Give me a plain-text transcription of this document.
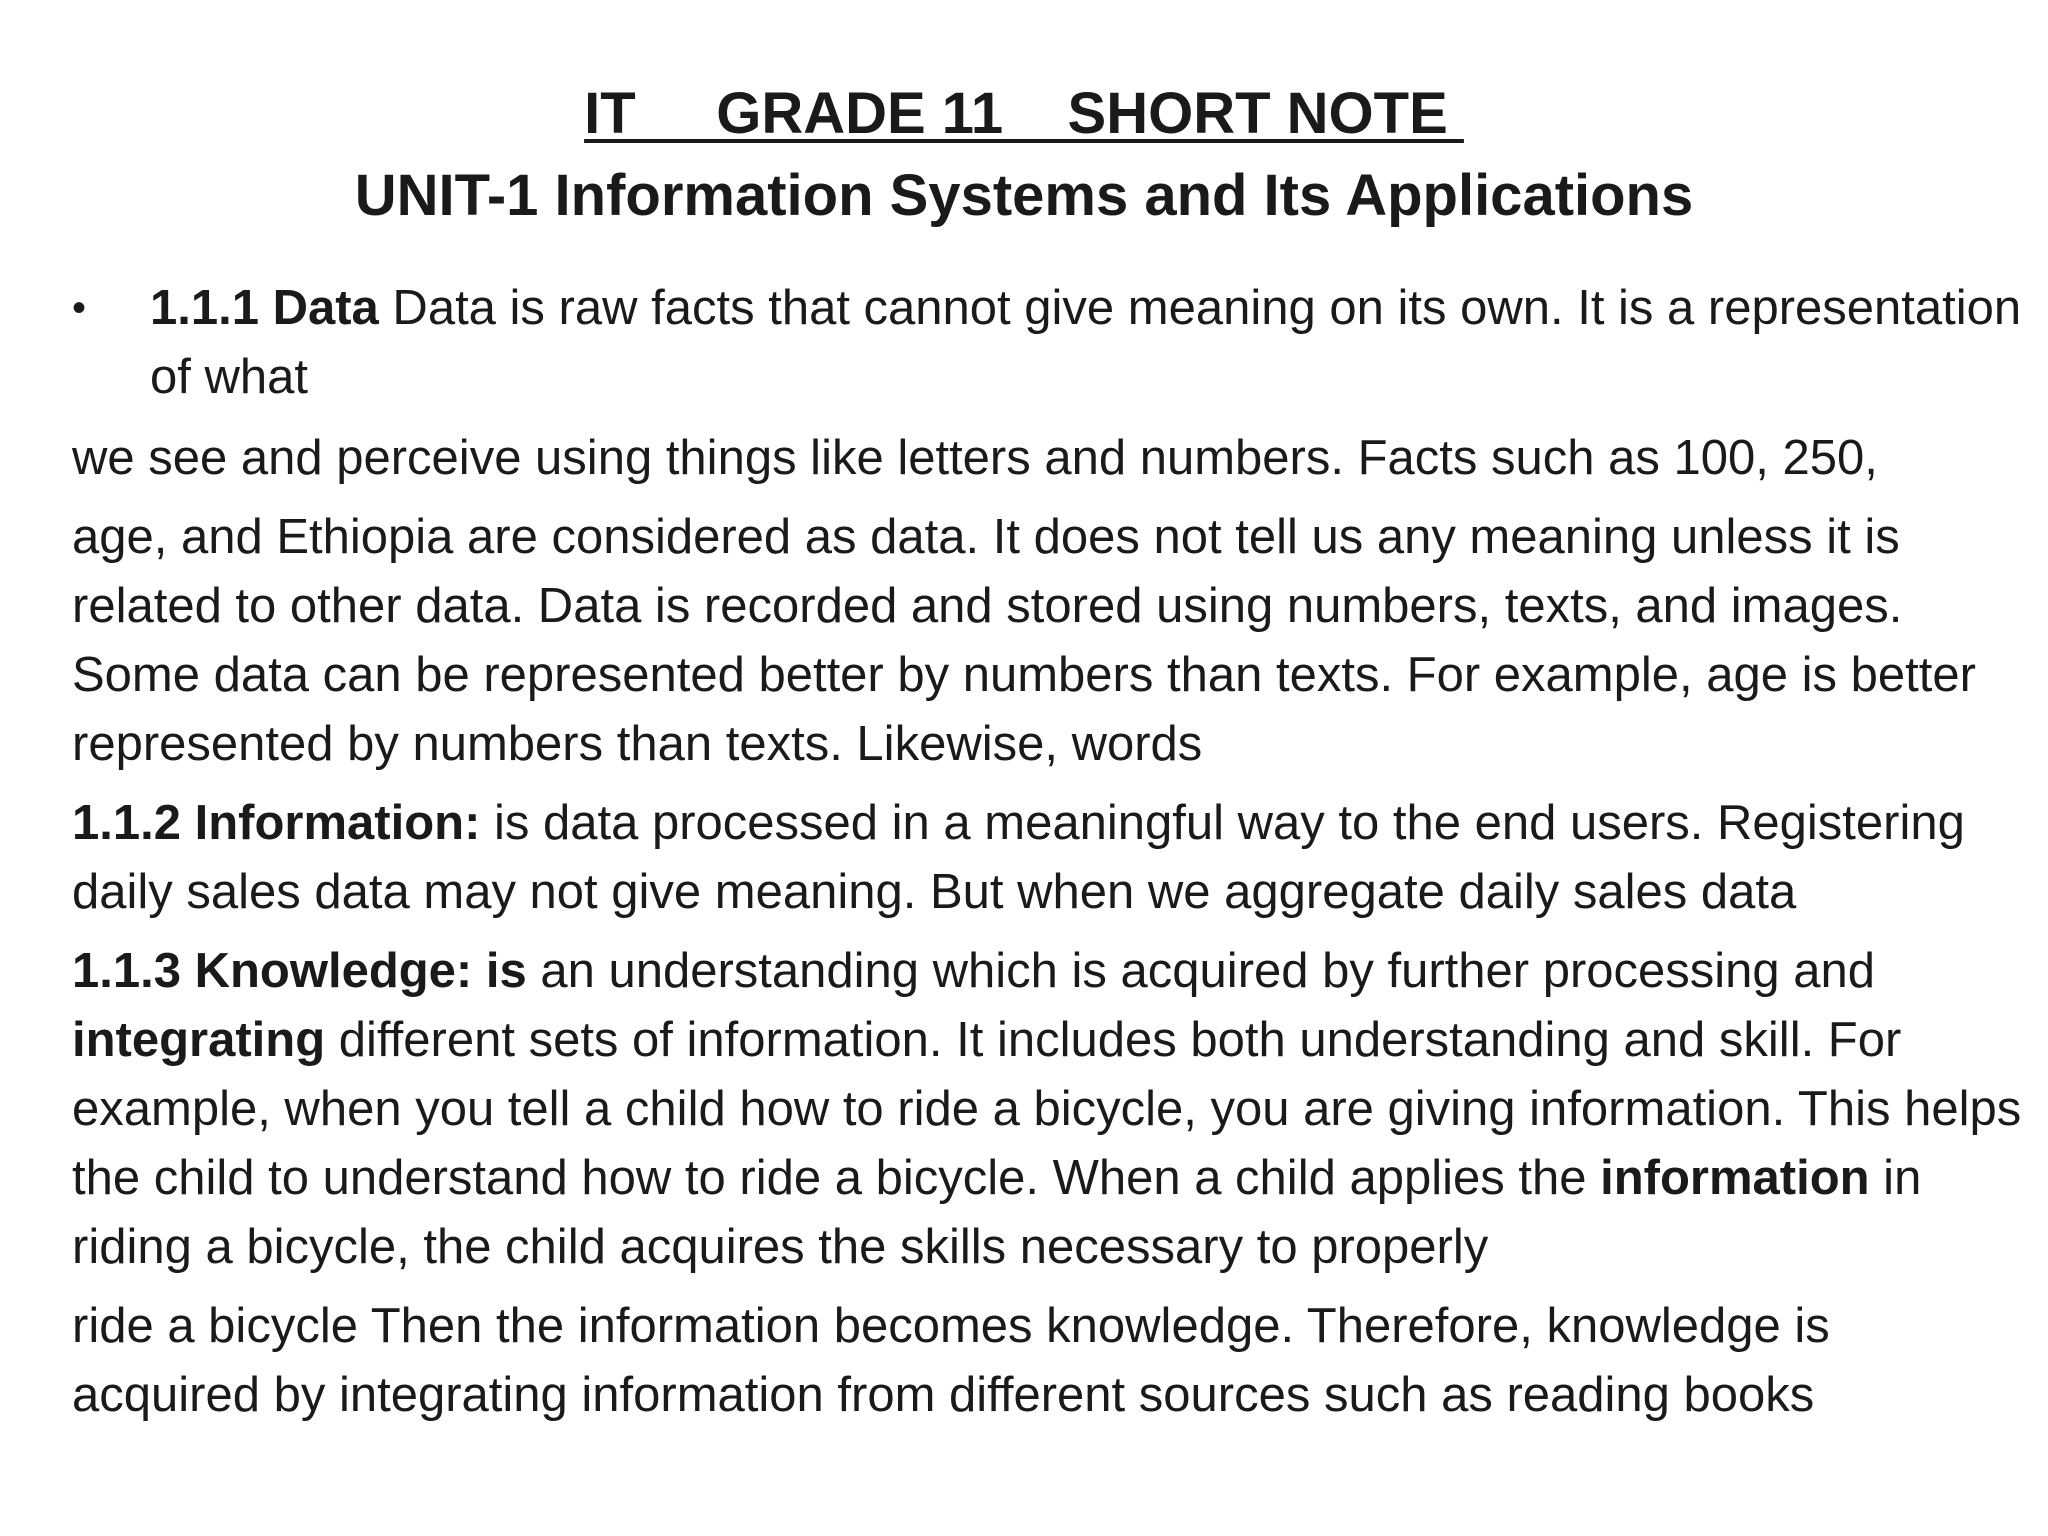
IT     GRADE 11    SHORT NOTE
UNIT-1 Information Systems and Its Applications
• 1.1.1 Data Data is raw facts that cannot give meaning on its own. It is a representation of what

we see and perceive using things like letters and numbers. Facts such as 100, 250,

age, and Ethiopia are considered as data. It does not tell us any meaning unless it is related to other data. Data is recorded and stored using numbers, texts, and images. Some data can be represented better by numbers than texts. For example, age is better represented by numbers than texts. Likewise, words

1.1.2 Information: is data processed in a meaningful way to the end users. Registering daily sales data may not give meaning. But when we aggregate daily sales data

1.1.3 Knowledge: is an understanding which is acquired by further processing and integrating different sets of information. It includes both understanding and skill. For example, when you tell a child how to ride a bicycle, you are giving information. This helps the child to understand how to ride a bicycle. When a child applies the information in riding a bicycle, the child acquires the skills necessary to properly

ride a bicycle Then the information becomes knowledge. Therefore, knowledge is acquired by integrating information from different sources such as reading books
